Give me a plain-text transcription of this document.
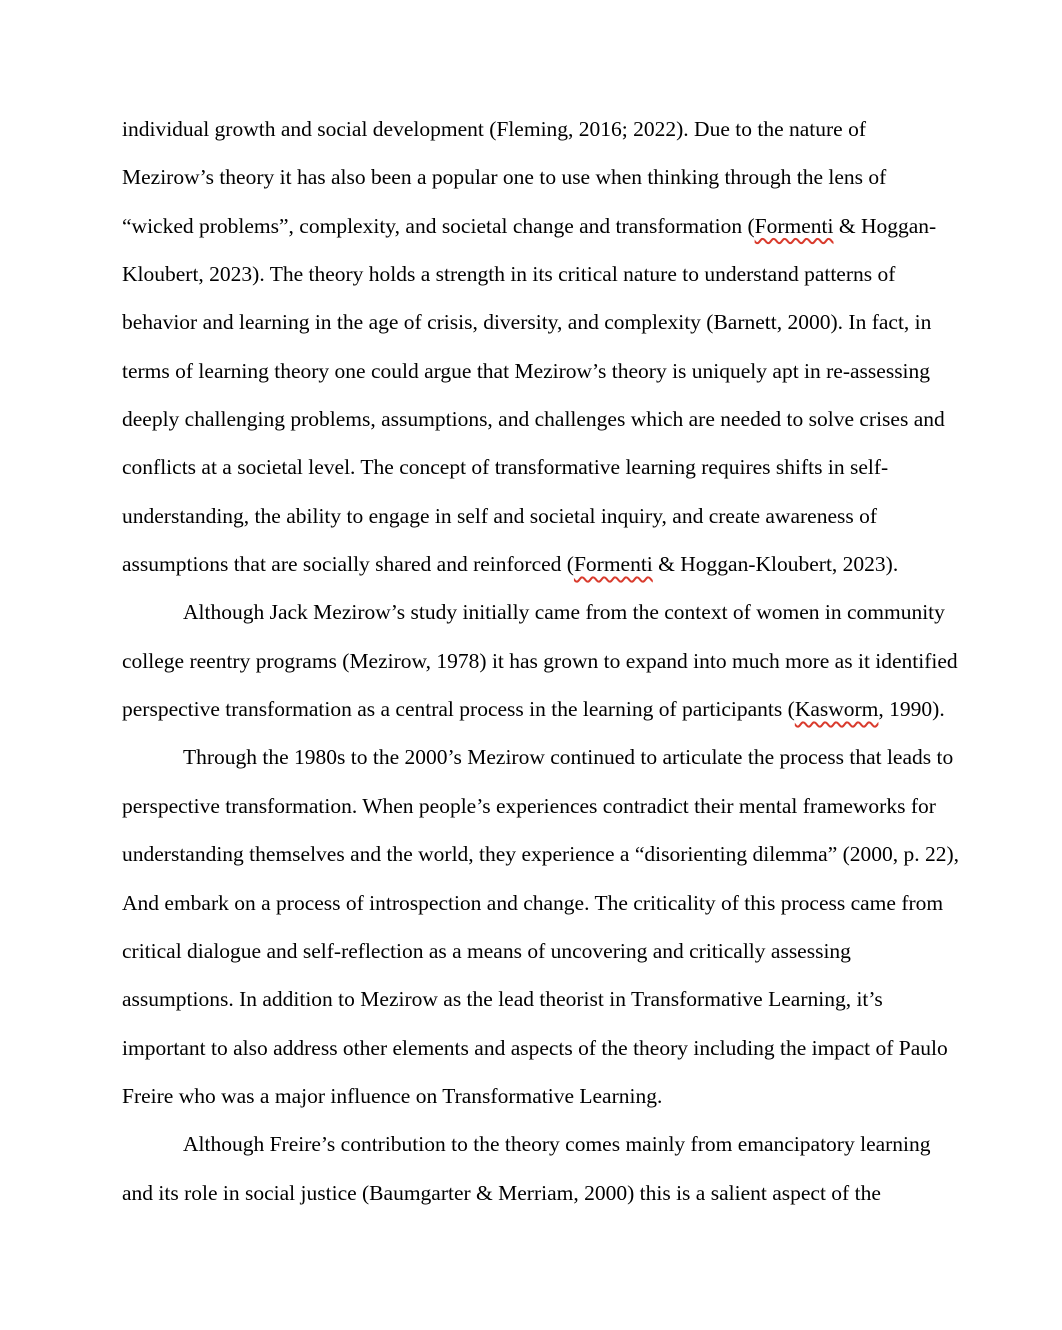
individual growth and social development (Fleming, 2016; 2022). Due to the nature of
Mezirow’s theory it has also been a popular one to use when thinking through the lens of
“wicked problems”, complexity, and societal change and transformation (Formenti & Hoggan-
Kloubert, 2023). The theory holds a strength in its critical nature to understand patterns of
behavior and learning in the age of crisis, diversity, and complexity (Barnett, 2000). In fact, in
terms of learning theory one could argue that Mezirow’s theory is uniquely apt in re-assessing
deeply challenging problems, assumptions, and challenges which are needed to solve crises and
conflicts at a societal level. The concept of transformative learning requires shifts in self-
understanding, the ability to engage in self and societal inquiry, and create awareness of
assumptions that are socially shared and reinforced (Formenti & Hoggan-Kloubert, 2023).
Although Jack Mezirow’s study initially came from the context of women in community
college reentry programs (Mezirow, 1978) it has grown to expand into much more as it identified
perspective transformation as a central process in the learning of participants (Kasworm, 1990).
Through the 1980s to the 2000’s Mezirow continued to articulate the process that leads to
perspective transformation. When people’s experiences contradict their mental frameworks for
understanding themselves and the world, they experience a “disorienting dilemma” (2000, p. 22),
And embark on a process of introspection and change. The criticality of this process came from
critical dialogue and self-reflection as a means of uncovering and critically assessing
assumptions. In addition to Mezirow as the lead theorist in Transformative Learning, it’s
important to also address other elements and aspects of the theory including the impact of Paulo
Freire who was a major influence on Transformative Learning.
Although Freire’s contribution to the theory comes mainly from emancipatory learning
and its role in social justice (Baumgarter & Merriam, 2000) this is a salient aspect of the
